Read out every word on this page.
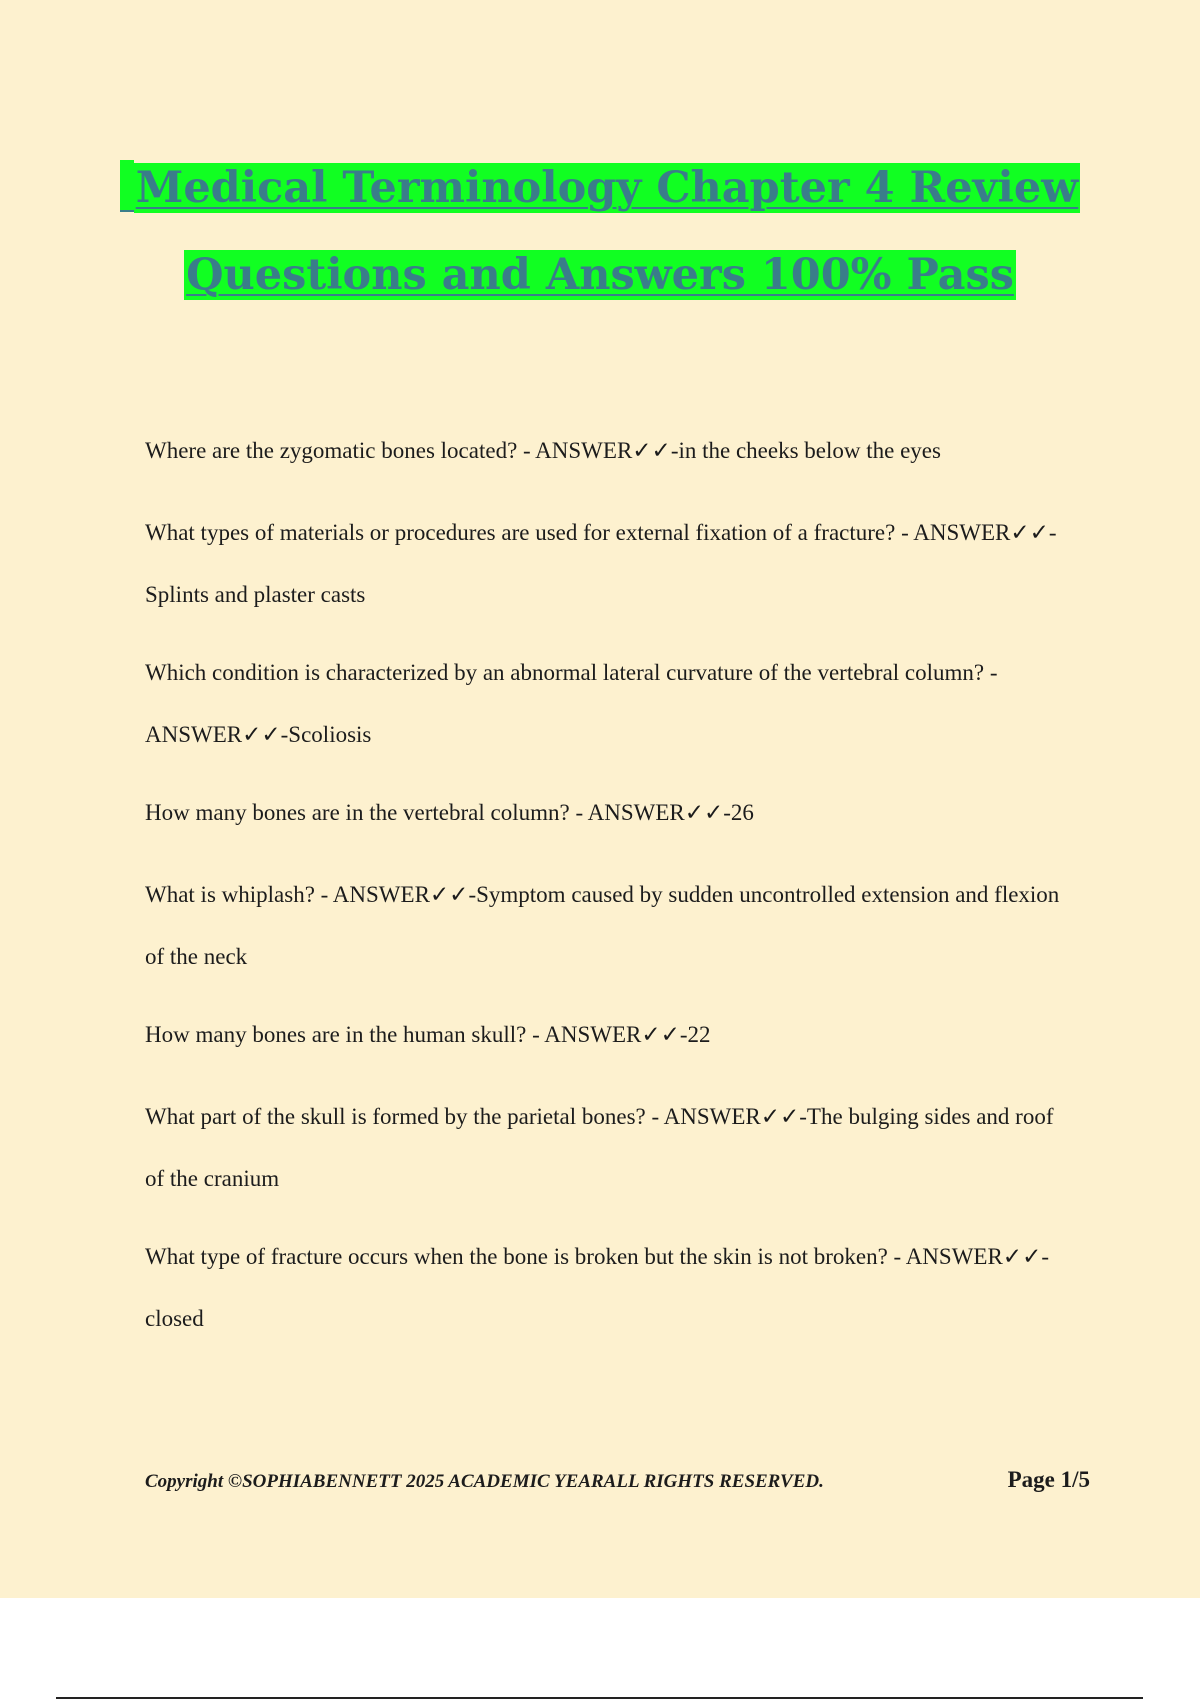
Medical Terminology Chapter 4 Review
Questions and Answers 100% Pass
Where are the zygomatic bones located? - ANSWER✓✓-in the cheeks below the eyes
What types of materials or procedures are used for external fixation of a fracture? - ANSWER✓✓-Splints and plaster casts
Which condition is characterized by an abnormal lateral curvature of the vertebral column? - ANSWER✓✓-Scoliosis
How many bones are in the vertebral column? - ANSWER✓✓-26
What is whiplash? - ANSWER✓✓-Symptom caused by sudden uncontrolled extension and flexion of the neck
How many bones are in the human skull? - ANSWER✓✓-22
What part of the skull is formed by the parietal bones? - ANSWER✓✓-The bulging sides and roof of the cranium
What type of fracture occurs when the bone is broken but the skin is not broken? - ANSWER✓✓-closed
Copyright ©SOPHIABENNETT 2025 ACADEMIC YEARALL RIGHTS RESERVED.	Page 1/5
